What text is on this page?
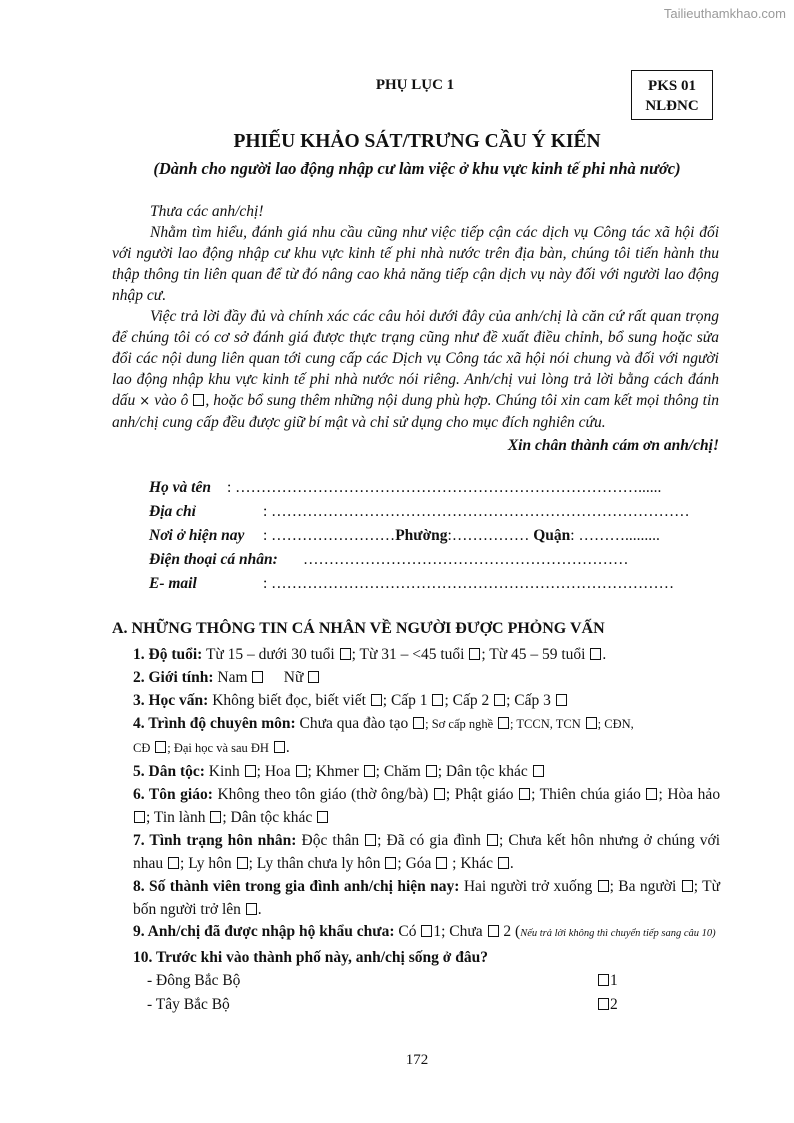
Tailieuthamkhao.com
PHỤ LỤC 1	PKS 01
NLĐNC
PHIẾU KHẢO SÁT/TRƯNG CẦU Ý KIẾN
(Dành cho người lao động nhập cư làm việc ở khu vực kinh tế phi nhà nước)

Thưa các anh/chị!

Nhằm tìm hiểu, đánh giá nhu cầu cũng như việc tiếp cận các dịch vụ Công tác xã hội đối với người lao động nhập cư khu vực kinh tế phi nhà nước trên địa bàn, chúng tôi tiến hành thu thập thông tin liên quan để từ đó nâng cao khả năng tiếp cận dịch vụ này đối với người lao động nhập cư.

Việc trả lời đầy đủ và chính xác các câu hỏi dưới đây của anh/chị là căn cứ rất quan trọng để chúng tôi có cơ sở đánh giá được thực trạng cũng như đề xuất điều chỉnh, bổ sung hoặc sửa đổi các nội dung liên quan tới cung cấp các Dịch vụ Công tác xã hội nói chung và đối với người lao động nhập khu vực kinh tế phi nhà nước nói riêng. Anh/chị vui lòng trả lời bằng cách đánh dấu × vào ô , hoặc bổ sung thêm những nội dung phù hợp. Chúng tôi xin cam kết mọi thông tin anh/chị cung cấp đều được giữ bí mật và chỉ sử dụng cho mục đích nghiên cứu.

Xin chân thành cám ơn anh/chị!
Họ và tên : ……………………………………………………………………......
Địa chỉ	: ………………………………………………………………………
Nơi ở hiện nay : ……………………Phường:…………… Quận: ……….........
Điện thoại cá nhân: ………………………………………………………
E- mail	: ……………………………………………………………………
A. NHỮNG THÔNG TIN CÁ NHÂN VỀ NGƯỜI ĐƯỢC PHỎNG VẤN
1. Độ tuổi: Từ 15 – dưới 30 tuổi ; Từ 31 – <45 tuổi ; Từ 45 – 59 tuổi .
2. Giới tính: Nam Nữ
3. Học vấn: Không biết đọc, biết viết ; Cấp 1 ; Cấp 2 ; Cấp 3
4. Trình độ chuyên môn: Chưa qua đào tạo ; Sơ cấp nghề ; TCCN, TCN ; CĐN,
CĐ ; Đại học và sau ĐH .
5. Dân tộc: Kinh ; Hoa ; Khmer ; Chăm ; Dân tộc khác
6. Tôn giáo: Không theo tôn giáo (thờ ông/bà) ; Phật giáo ; Thiên chúa giáo ; Hòa hảo ; Tin lành ; Dân tộc khác
7. Tình trạng hôn nhân: Độc thân ; Đã có gia đình ; Chưa kết hôn nhưng ở chúng với nhau ; Ly hôn ; Ly thân chưa ly hôn ; Góa ; Khác .
8. Số thành viên trong gia đình anh/chị hiện nay: Hai người trở xuống ; Ba người ; Từ bốn người trở lên .
9. Anh/chị đã được nhập hộ khẩu chưa: Có 1; Chưa 2 (Nếu trả lời không thì chuyển tiếp sang câu 10)
10. Trước khi vào thành phố này, anh/chị sống ở đâu?
- Đông Bắc Bộ	1
- Tây Bắc Bộ	2
172
